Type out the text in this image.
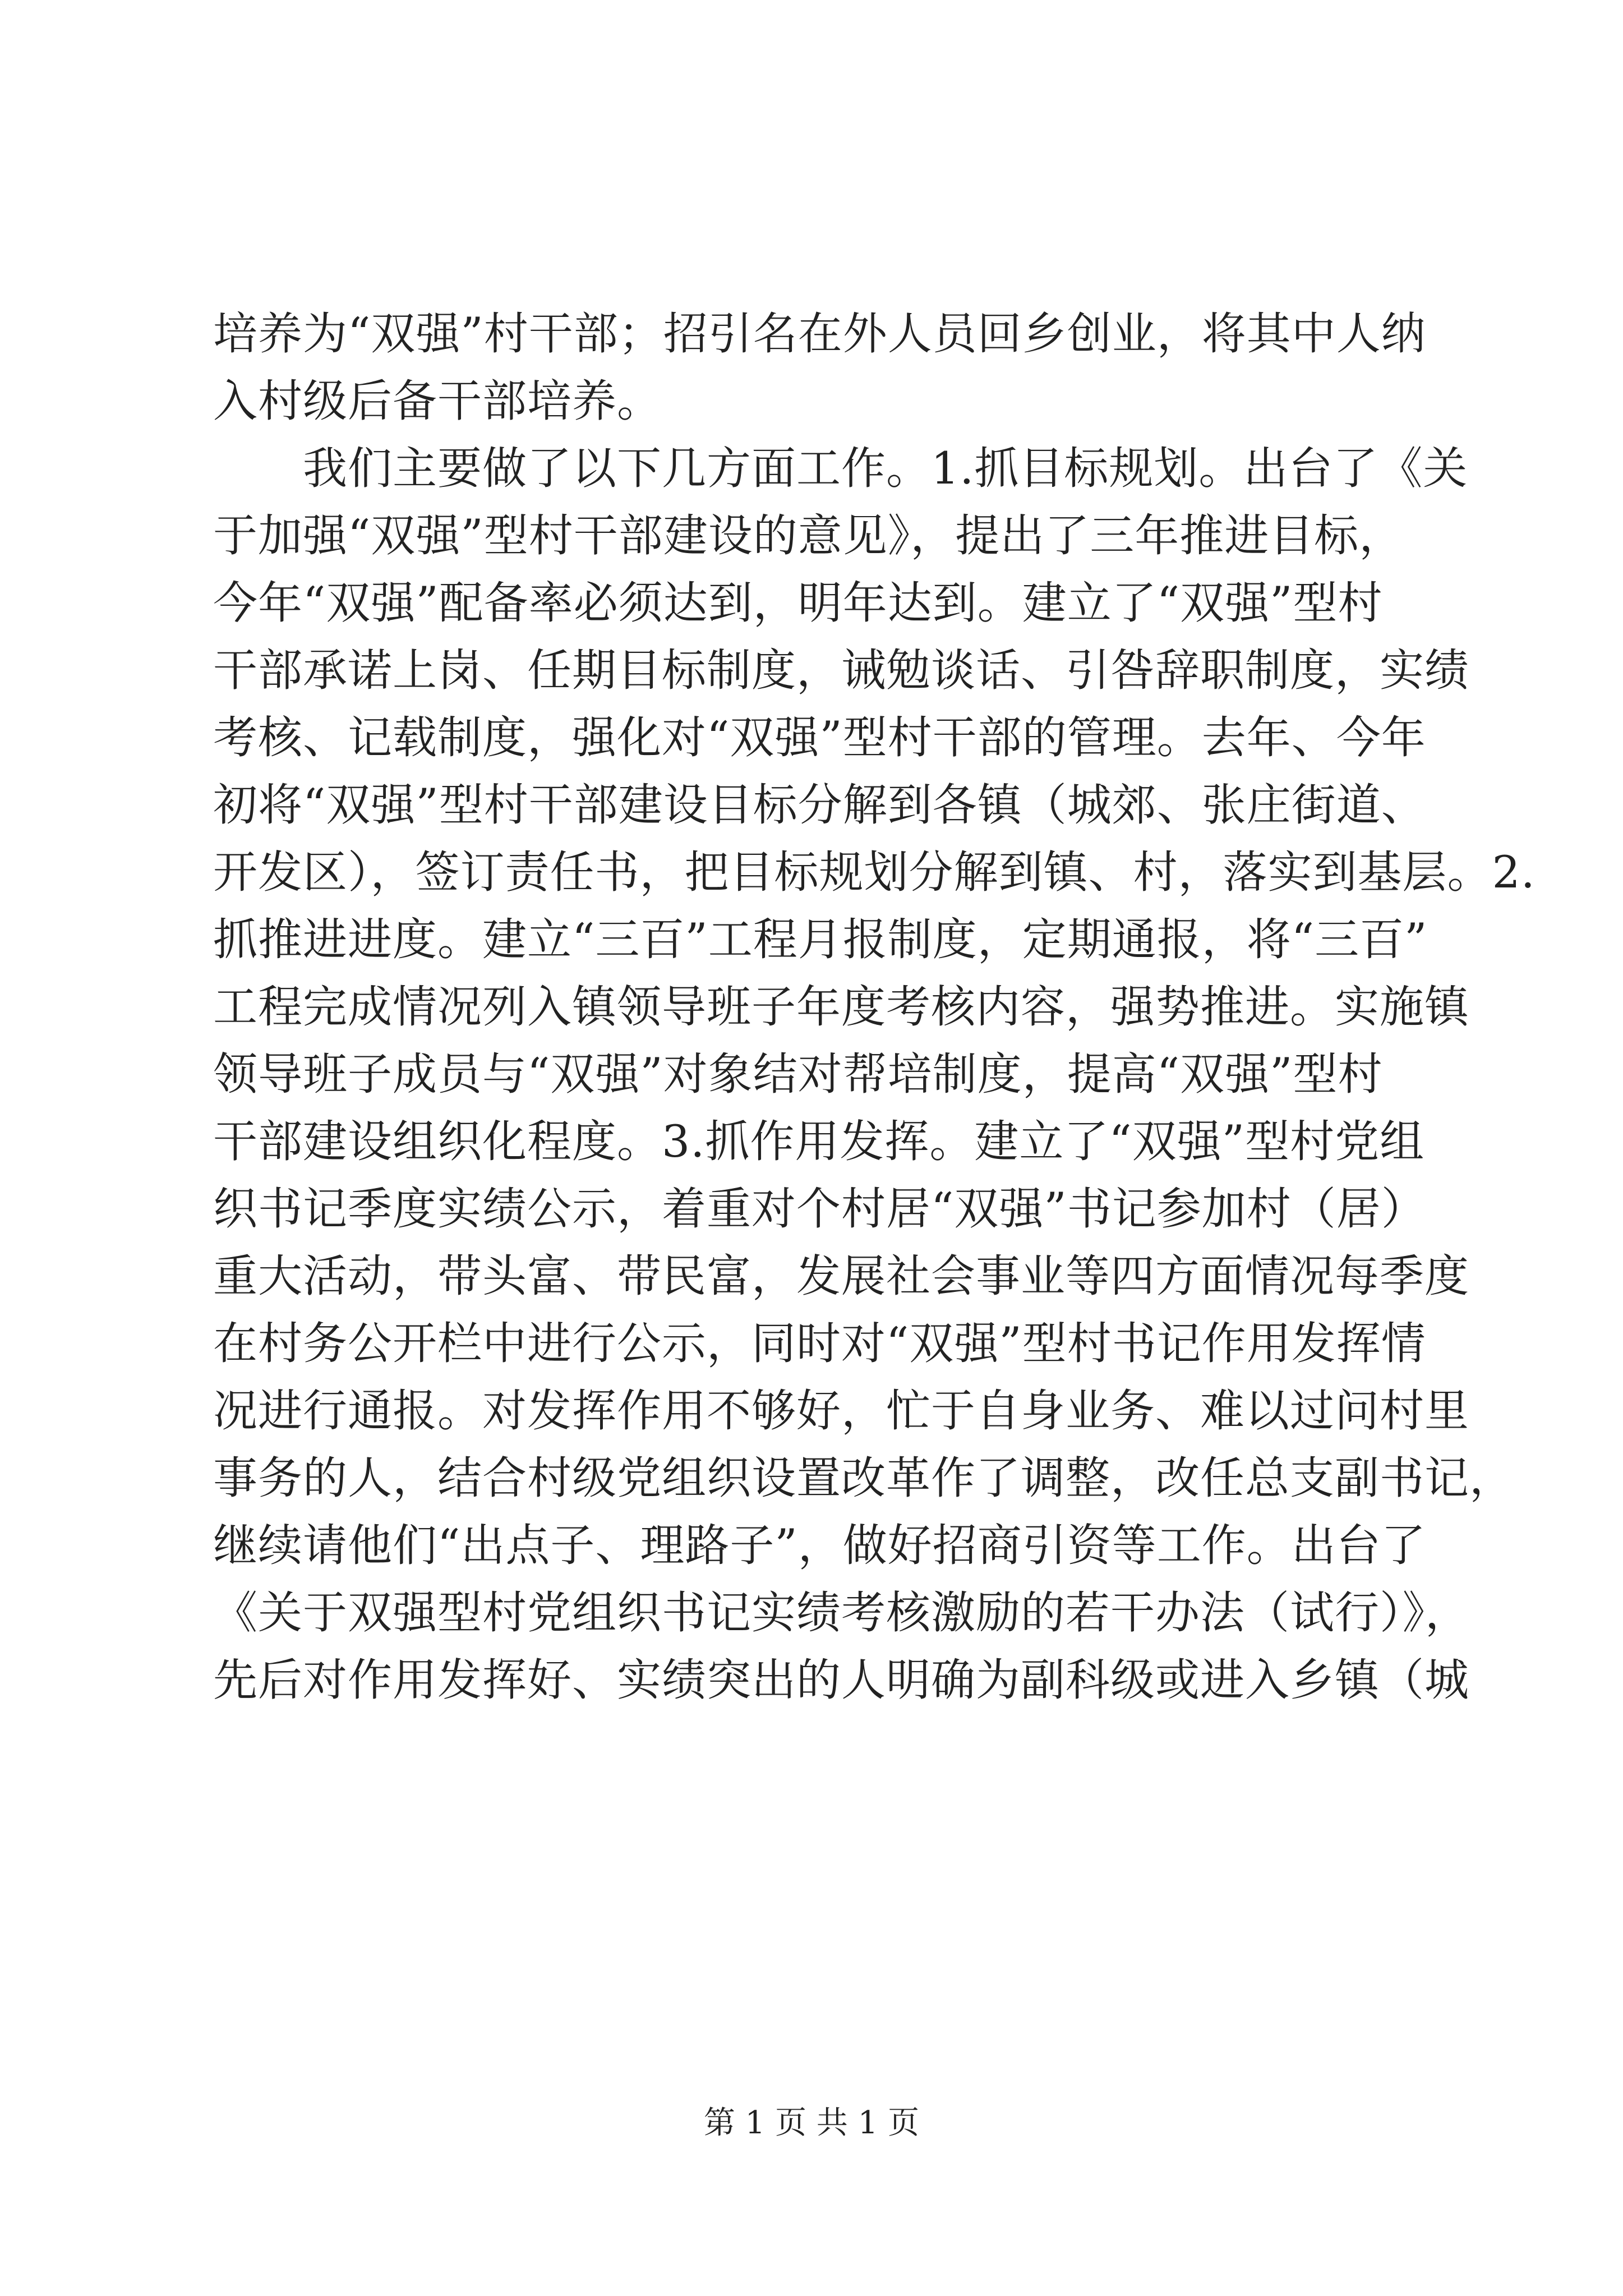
培养为“双强”村干部；招引名在外人员回乡创业，将其中人纳
入村级后备干部培养。
我们主要做了以下几方面工作。1.抓目标规划。出台了《关
于加强“双强”型村干部建设的意见》，提出了三年推进目标，
今年“双强”配备率必须达到，明年达到。建立了“双强”型村
干部承诺上岗、任期目标制度，诫勉谈话、引咎辞职制度，实绩
考核、记载制度，强化对“双强”型村干部的管理。去年、今年
初将“双强”型村干部建设目标分解到各镇（城郊、张庄街道、
开发区），签订责任书，把目标规划分解到镇、村，落实到基层。2.
抓推进进度。建立“三百”工程月报制度，定期通报，将“三百”
工程完成情况列入镇领导班子年度考核内容，强势推进。实施镇
领导班子成员与“双强”对象结对帮培制度，提高“双强”型村
干部建设组织化程度。3.抓作用发挥。建立了“双强”型村党组
织书记季度实绩公示，着重对个村居“双强”书记参加村（居）
重大活动，带头富、带民富，发展社会事业等四方面情况每季度
在村务公开栏中进行公示，同时对“双强”型村书记作用发挥情
况进行通报。对发挥作用不够好，忙于自身业务、难以过问村里
事务的人，结合村级党组织设置改革作了调整，改任总支副书记，
继续请他们“出点子、理路子”，做好招商引资等工作。出台了
《关于双强型村党组织书记实绩考核激励的若干办法（试行）》，
先后对作用发挥好、实绩突出的人明确为副科级或进入乡镇（城
第 1 页 共 1 页
